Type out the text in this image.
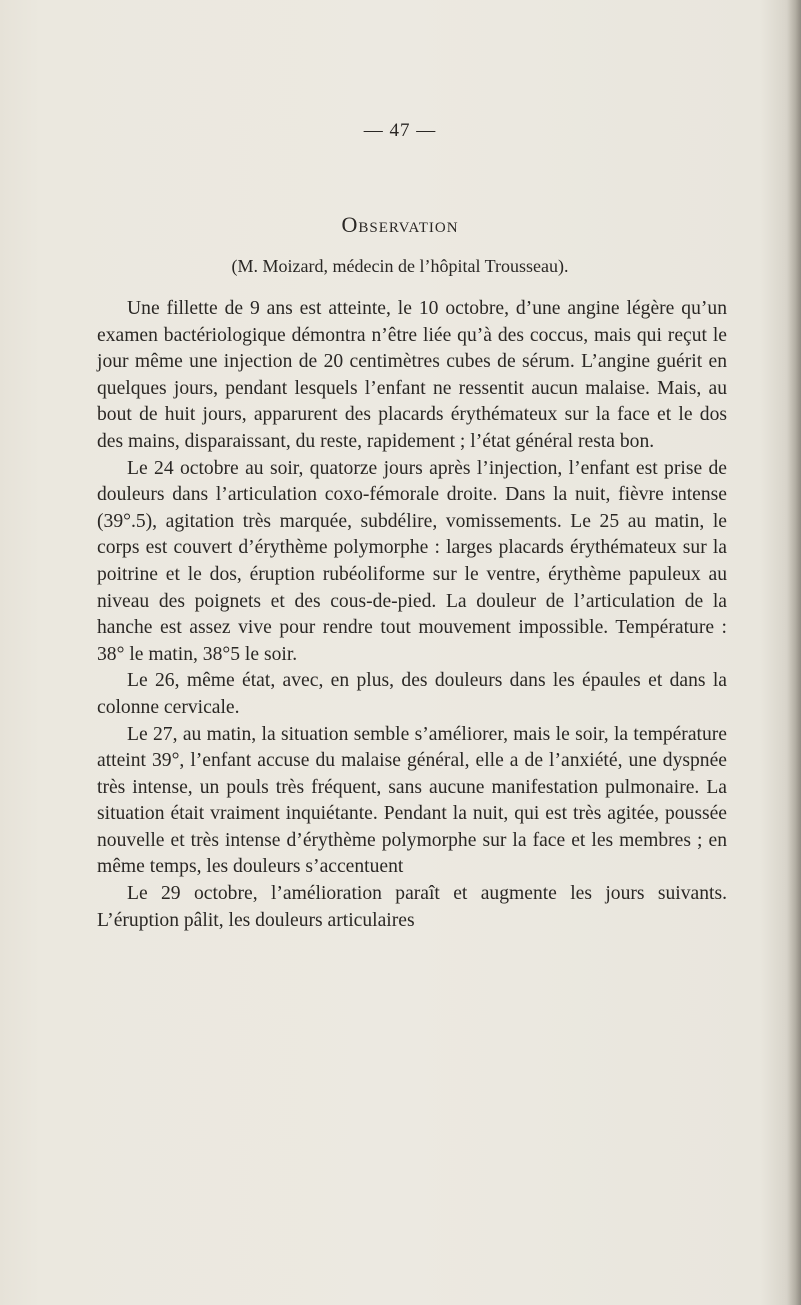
— 47 —
Observation
(M. Moizard, médecin de l’hôpital Trousseau).

Une fillette de 9 ans est atteinte, le 10 octobre, d’une angine légère qu’un examen bactériologique démontra n’être liée qu’à des coccus, mais qui reçut le jour même une injection de 20 centimètres cubes de sérum. L’angine guérit en quelques jours, pendant lesquels l’enfant ne ressentit aucun malaise. Mais, au bout de huit jours, apparurent des placards érythémateux sur la face et le dos des mains, disparaissant, du reste, rapidement ; l’état général resta bon.

Le 24 octobre au soir, quatorze jours après l’injection, l’enfant est prise de douleurs dans l’articulation coxo-fémorale droite. Dans la nuit, fièvre intense (39°.5), agitation très marquée, subdélire, vomissements. Le 25 au matin, le corps est couvert d’érythème polymorphe : larges placards érythémateux sur la poitrine et le dos, éruption rubéoliforme sur le ventre, érythème papuleux au niveau des poignets et des cous-de-pied. La douleur de l’articulation de la hanche est assez vive pour rendre tout mouvement impossible. Température : 38° le matin, 38°5 le soir.

Le 26, même état, avec, en plus, des douleurs dans les épaules et dans la colonne cervicale.

Le 27, au matin, la situation semble s’améliorer, mais le soir, la température atteint 39°, l’enfant accuse du malaise général, elle a de l’anxiété, une dyspnée très intense, un pouls très fréquent, sans aucune manifestation pulmonaire. La situation était vraiment inquiétante. Pendant la nuit, qui est très agitée, poussée nouvelle et très intense d’érythème polymorphe sur la face et les membres ; en même temps, les douleurs s’accentuent

Le 29 octobre, l’amélioration paraît et augmente les jours suivants. L’éruption pâlit, les douleurs articulaires
